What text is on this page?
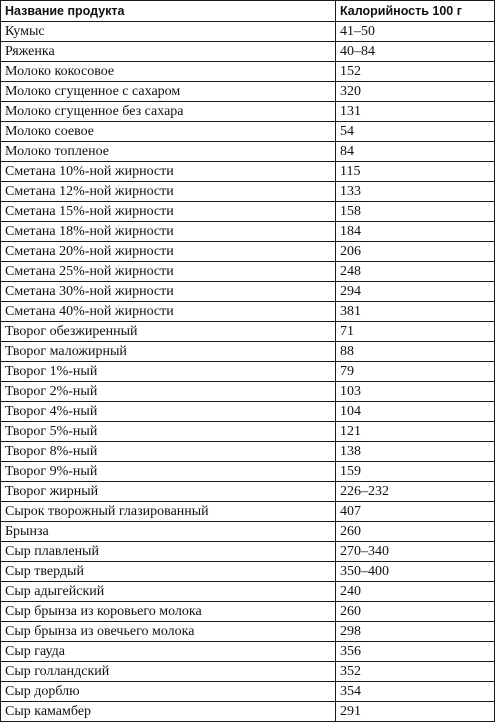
Название продукта	Калорийность 100 г
Кумыс	41–50
Ряженка	40–84
Молоко кокосовое	152
Молоко сгущенное с сахаром	320
Молоко сгущенное без сахара	131
Молоко соевое	54
Молоко топленое	84
Сметана 10%-ной жирности	115
Сметана 12%-ной жирности	133
Сметана 15%-ной жирности	158
Сметана 18%-ной жирности	184
Сметана 20%-ной жирности	206
Сметана 25%-ной жирности	248
Сметана 30%-ной жирности	294
Сметана 40%-ной жирности	381
Творог обезжиренный	71
Творог маложирный	88
Творог 1%-ный	79
Творог 2%-ный	103
Творог 4%-ный	104
Творог 5%-ный	121
Творог 8%-ный	138
Творог 9%-ный	159
Творог жирный	226–232
Сырок творожный глазированный	407
Брынза	260
Сыр плавленый	270–340
Сыр твердый	350–400
Сыр адыгейский	240
Сыр брынза из коровьего молока	260
Сыр брынза из овечьего молока	298
Сыр гауда	356
Сыр голландский	352
Сыр дорблю	354
Сыр камамбер	291
